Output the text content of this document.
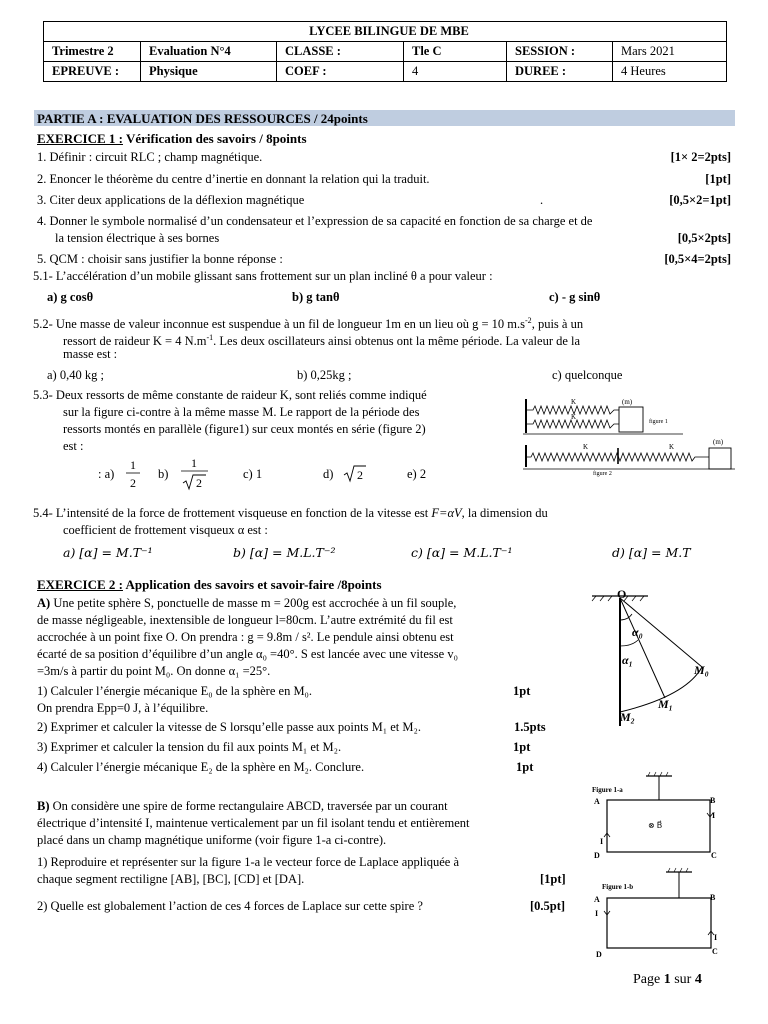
LYCEE BILINGUE DE MBE					
Trimestre 2	Evaluation N°4	CLASSE :	Tle C	SESSION :	Mars 2021
EPREUVE :	Physique	COEF :	4	DUREE :	4 Heures
PARTIE A : EVALUATION DES RESSOURCES / 24points
EXERCICE 1 : Vérification des savoirs / 8points
1. Définir : circuit RLC ; champ magnétique.	[1× 2=2pts]
2. Enoncer le théorème du centre d’inertie en donnant la relation qui la traduit.	[1pt]
3. Citer deux applications de la déflexion magnétique	.	[0,5×2=1pt]
4. Donner le symbole normalisé d’un condensateur et l’expression de sa capacité en fonction de sa charge et de
la tension électrique à ses bornes	[0,5×2pts]
5. QCM : choisir sans justifier la bonne réponse :	[0,5×4=2pts]
5.1- L’accélération d’un mobile glissant sans frottement sur un plan incliné θ a pour valeur :
a) g cosθ	b) g tanθ	c) - g sinθ
5.2- Une masse de valeur inconnue est suspendue à un fil de longueur 1m en un lieu où g = 10 $m.s^{-2}$, puis à un
ressort de raideur K = 4 $N.m^{-1}$. Les deux oscillateurs ainsi obtenus ont la même période. La valeur de la
masse est :
a) 0,40 kg ;	b) 0,25kg ;	c) quelconque
5.3- Deux ressorts de même constante de raideur K, sont reliés comme indiqué
sur la figure ci-contre à la même masse M. Le rapport de la période des
ressorts montés en parallèle (figure1) sur ceux montés en série (figure 2)
est :
: a)
1
2
b)
1
2
c) 1	d) 2	e) 2
K
K
(m)
figure 1
K	K
(m)
figure 2
5.4- L’intensité de la force de frottement visqueuse en fonction de la vitesse est F=αV, la dimension du
coefficient de frottement visqueux α est :
a) [α] = M.T⁻¹	b) [α] = M.L.T⁻²	c) [α] = M.L.T⁻¹	d) [α] = M.T
EXERCICE 2 : Application des savoirs et savoir-faire /8points
A) Une petite sphère S, ponctuelle de masse m = 200g est accrochée à un fil souple,
de masse négligeable, inextensible de longueur l=80cm. L’autre extrémité du fil est
accrochée à un point fixe O. On prendra : g = 9.8m / s². Le pendule ainsi obtenu est
écarté de sa position d’équilibre d’un angle α₀ =40°. S est lancée avec une vitesse v₀
=3m/s à partir du point M₀. On donne α₁ =25°.
1) Calculer l’énergie mécanique E₀ de la sphère en M₀.	1pt
On prendra Epp=0 J, à l’équilibre.
2) Exprimer et calculer la vitesse de S lorsqu’elle passe aux points M₁ et M₂.	1.5pts
3) Exprimer et calculer la tension du fil aux points M₁ et M₂.	1pt
4) Calculer l’énergie mécanique E₂ de la sphère en M₂. Conclure.	1pt
O
α₀
α₁
M₀
M₁
M₂
B) On considère une spire de forme rectangulaire ABCD, traversée par un courant
électrique d’intensité I, maintenue verticalement par un fil isolant tendu et entièrement
placé dans un champ magnétique uniforme (voir figure 1-a ci-contre).
1) Reproduire et représenter sur la figure 1-a le vecteur force de Laplace appliquée à
chaque segment rectiligne [AB], [BC], [CD] et [DA].	[1pt]
2) Quelle est globalement l’action de ces 4 forces de Laplace sur cette spire ?	[0.5pt]
Figure 1-a
A	B
C
D
I
I
⊗ B⃗
Figure 1-b
A	B
C
D
I
I
Page 1 sur 4
